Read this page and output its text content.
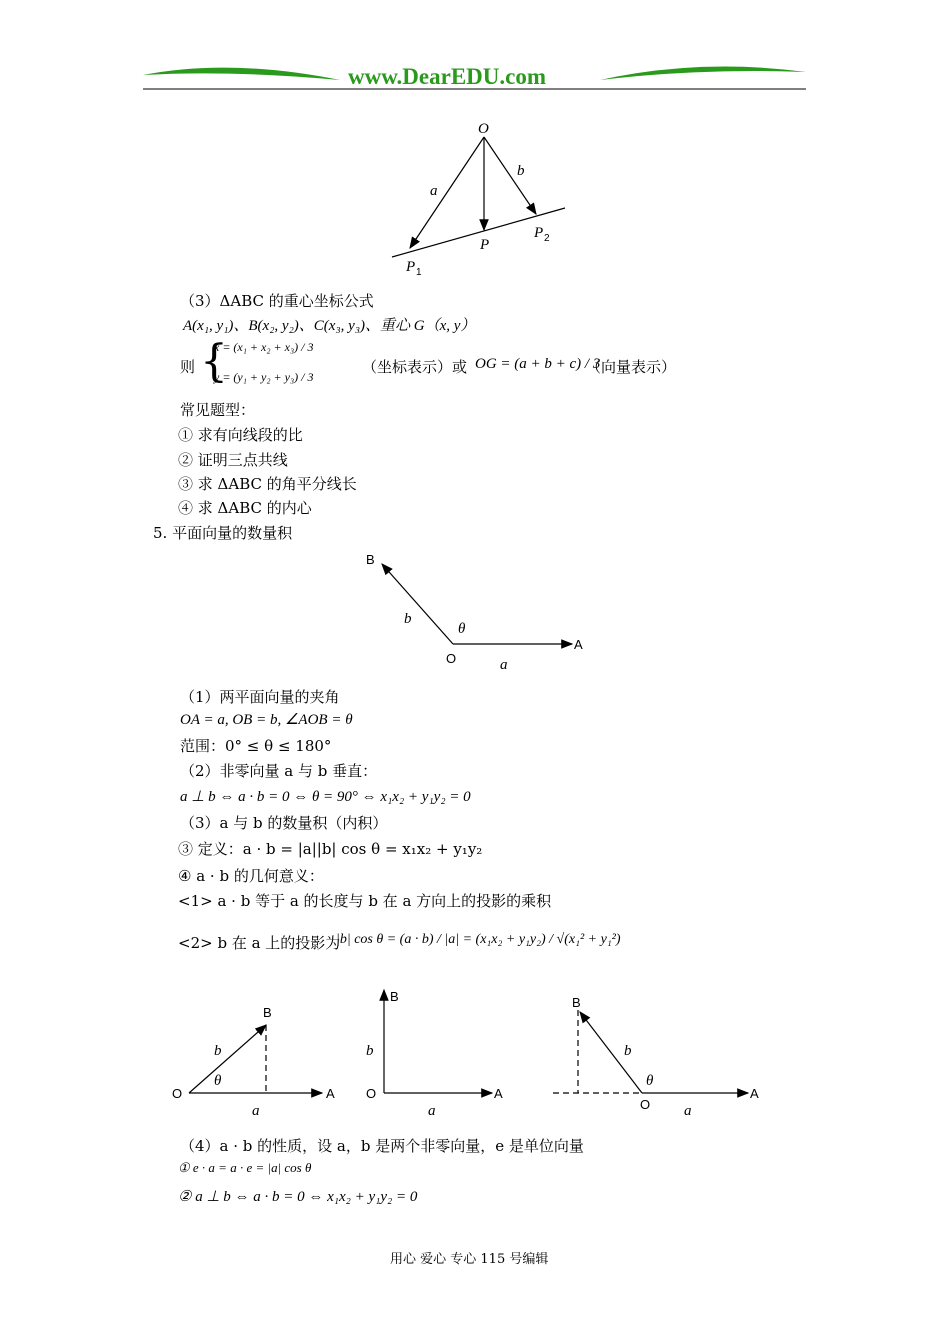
www.DearEDU.com
O
a
b
P
P 1
P 2
（3）ΔABC 的重心坐标公式
A(x₁, y₁)、B(x₂, y₂)、C(x₃, y₃)、重心 G（x, y）
则 {
x = (x₁ + x₂ + x₃) / 3
y = (y₁ + y₂ + y₃) / 3
（坐标表示）或 OG = (a + b + c) / 3
（向量表示）
常见题型：
① 求有向线段的比
② 证明三点共线
③ 求 ΔABC 的角平分线长
④ 求 ΔABC 的内心
5. 平面向量的数量积
B
O
A
b
a
θ
（1）两平面向量的夹角
OA = a, OB = b, ∠AOB = θ
范围：0° ≤ θ ≤ 180°
（2）非零向量 a 与 b 垂直：
a ⊥ b ⇔ a · b = 0 ⇔ θ = 90° ⇔ x₁x₂ + y₁y₂ = 0
（3）a 与 b 的数量积（内积）
③ 定义：a · b = |a||b| cos θ = x₁x₂ + y₁y₂
④ a · b 的几何意义：
<1> a · b 等于 a 的长度与 b 在 a 方向上的投影的乘积
<2> b 在 a 上的投影为
|b| cos θ = (a · b) / |a| = (x₁x₂ + y₁y₂) / √(x₁² + y₁²)
O	A
B
b
a
θ
O	A
B
b
a
B
O
A
b
a
θ
（4）a · b 的性质，设 a，b 是两个非零向量，e 是单位向量
① e · a = a · e = |a| cos θ
② a ⊥ b ⇔ a · b = 0 ⇔ x₁x₂ + y₁y₂ = 0
用心 爱心 专心 115 号编辑
